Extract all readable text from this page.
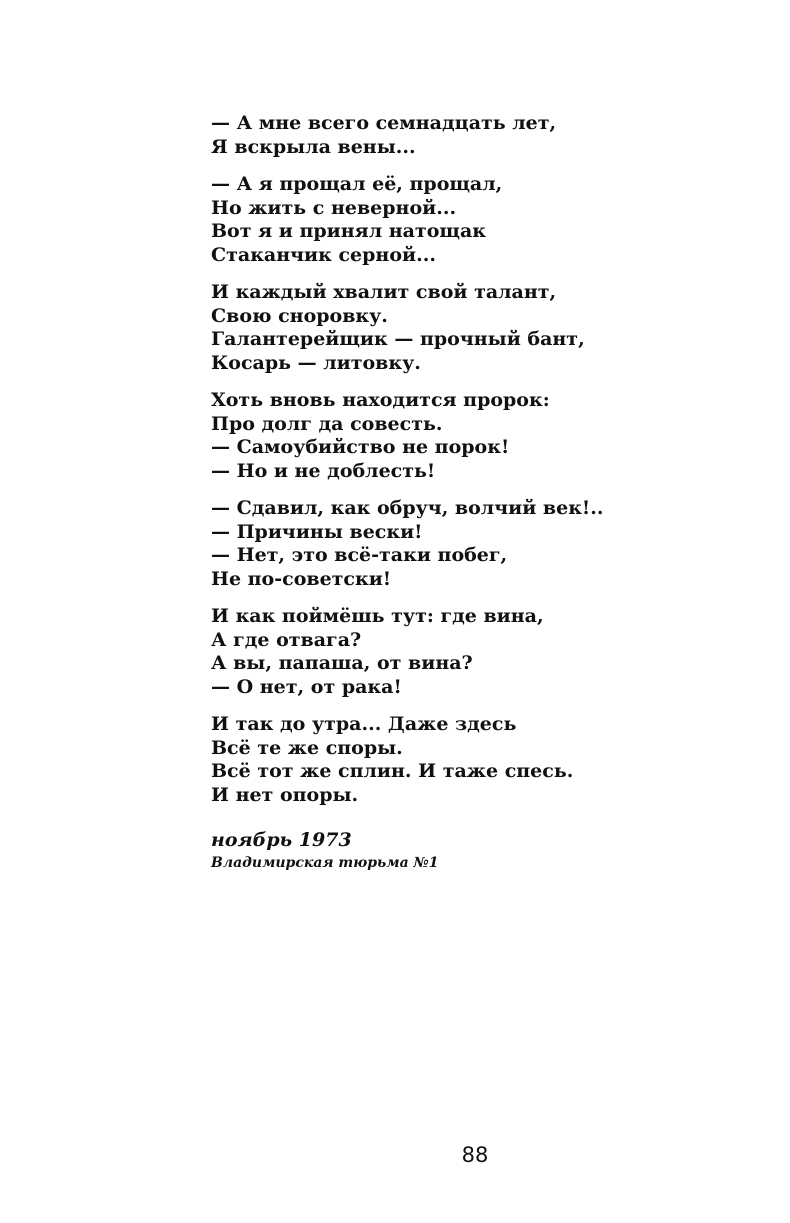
— А мне всего семнадцать лет,
Я вскрыла вены...
— А я прощал её, прощал,
Но жить с неверной...
Вот я и принял натощак
Стаканчик серной...
И каждый хвалит свой талант,
Свою сноровку.
Галантерейщик — прочный бант,
Косарь — литовку.
Хоть вновь находится пророк:
Про долг да совесть.
— Самоубийство не порок!
— Но и не доблесть!
— Сдавил, как обруч, волчий век!..
— Причины вески!
— Нет, это всё-таки побег,
Не по-советски!
И как поймёшь тут: где вина,
А где отвага?
А вы, папаша, от вина?
— О нет, от рака!
И так до утра... Даже здесь
Всё те же споры.
Всё тот же сплин. И таже спесь.
И нет опоры.
ноябрь 1973
Владимирская тюрьма №1
88
